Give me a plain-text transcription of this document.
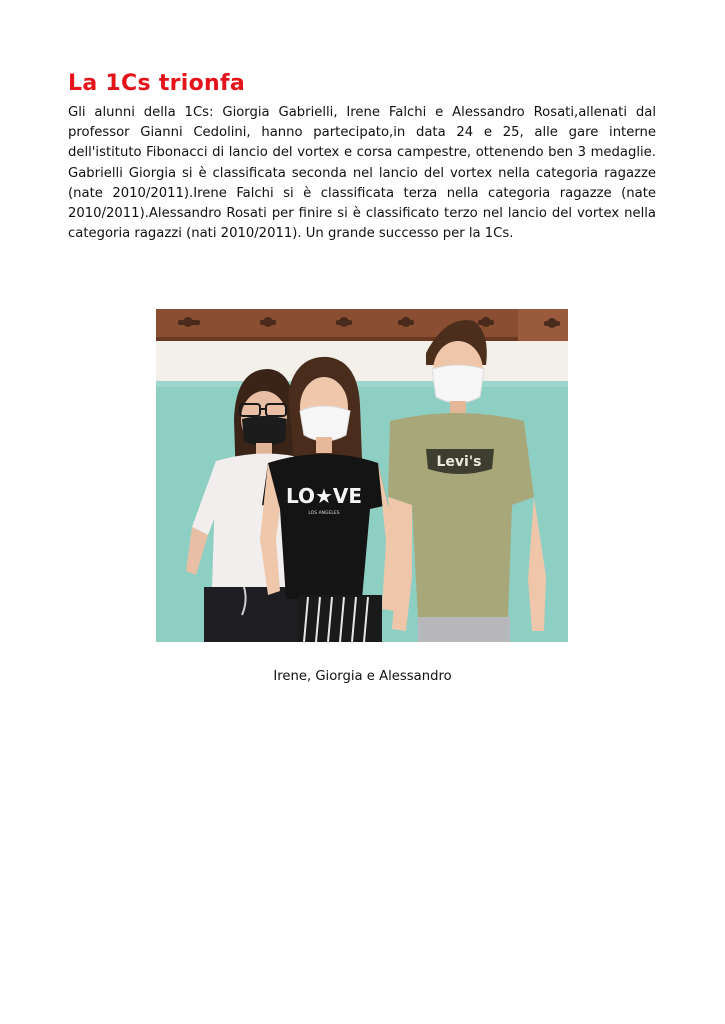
La 1Cs trionfa

Gli alunni della 1Cs: Giorgia Gabrielli, Irene Falchi e Alessandro Rosati,allenati dal professor Gianni Cedolini, hanno partecipato,in data 24 e 25, alle gare interne dell'istituto Fibonacci di lancio del vortex e corsa campestre, ottenendo ben 3 medaglie. Gabrielli Giorgia si è classificata seconda nel lancio del vortex nella categoria ragazze (nate 2010/2011).Irene Falchi si è classificata terza nella categoria ragazze (nate 2010/2011).Alessandro Rosati per finire si è classificato terzo nel lancio del vortex nella categoria ragazzi (nati 2010/2011). Un grande successo per la 1Cs.

LO★VE
LOS ANGELES
Levi's

Irene, Giorgia e Alessandro
